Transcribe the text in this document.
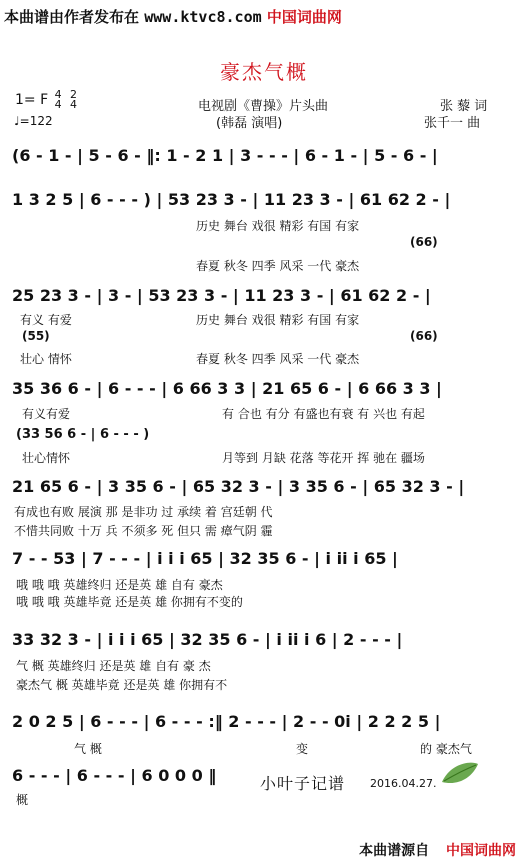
本曲谱由作者发布在 www.ktvc8.com 中国词曲网
豪杰气概
1= F 4
4 2
4
♩=122
电视剧《曹操》片头曲
(韩磊 演唱)
张 藜 词
张千一 曲
(6 - 1 - | 5 - 6 - ‖: 1 - 2 1 | 3 - - - | 6 - 1 - | 5 - 6 - |
1 3 2 5 | 6 - - - ) | 53 23 3 - | 11 23 3 - | 61 62 2 - |
历史 舞台 戏很 精彩 有国 有家
(66)
春夏 秋冬 四季 风采 一代 豪杰
25 23 3 - | 3 - | 53 23 3 - | 11 23 3 - | 61 62 2 - |
有义 有爱	历史 舞台 戏很 精彩 有国 有家
(55)	(66)
壮心 情怀	春夏 秋冬 四季 风采 一代 豪杰
35 36 6 - | 6 - - - | 6 66 3 3 | 21 65 6 - | 6 66 3 3 |
有义有爱	有 合也 有分 有盛也有衰 有 兴也 有起
(33 56 6 - | 6 - - - )
壮心情怀	月等到 月缺 花落 等花开 挥 驰在 疆场
21 65 6 - | 3 35 6 - | 65 32 3 - | 3 35 6 - | 65 32 3 - |
有成也有败 展演 那 是非功 过 承续 着 宫廷朝 代
不惜共同败 十万 兵 不须多 死 但只 需 瘴气阴 霾
7 - - 53 | 7 - - - | i i i 65 | 32 35 6 - | i ii i 65 |
哦 哦 哦 英雄终归 还是英 雄 自有 豪杰
哦 哦 哦 英雄毕竟 还是英 雄 你拥有不变的
33 32 3 - | i i i 65 | 32 35 6 - | i ii i 6 | 2 - - - |
气 概 英雄终归 还是英 雄 自有 豪 杰
豪杰气 概 英雄毕竟 还是英 雄 你拥有不
2 0 2 5 | 6 - - - | 6 - - - :‖ 2 - - - | 2 - - 0i | 2 2 2 5 |
气 概	变	的 豪杰气
6 - - - | 6 - - - | 6 0 0 0 ‖
概
小叶子记谱 2016.04.27.
本曲谱源自 中国词曲网
